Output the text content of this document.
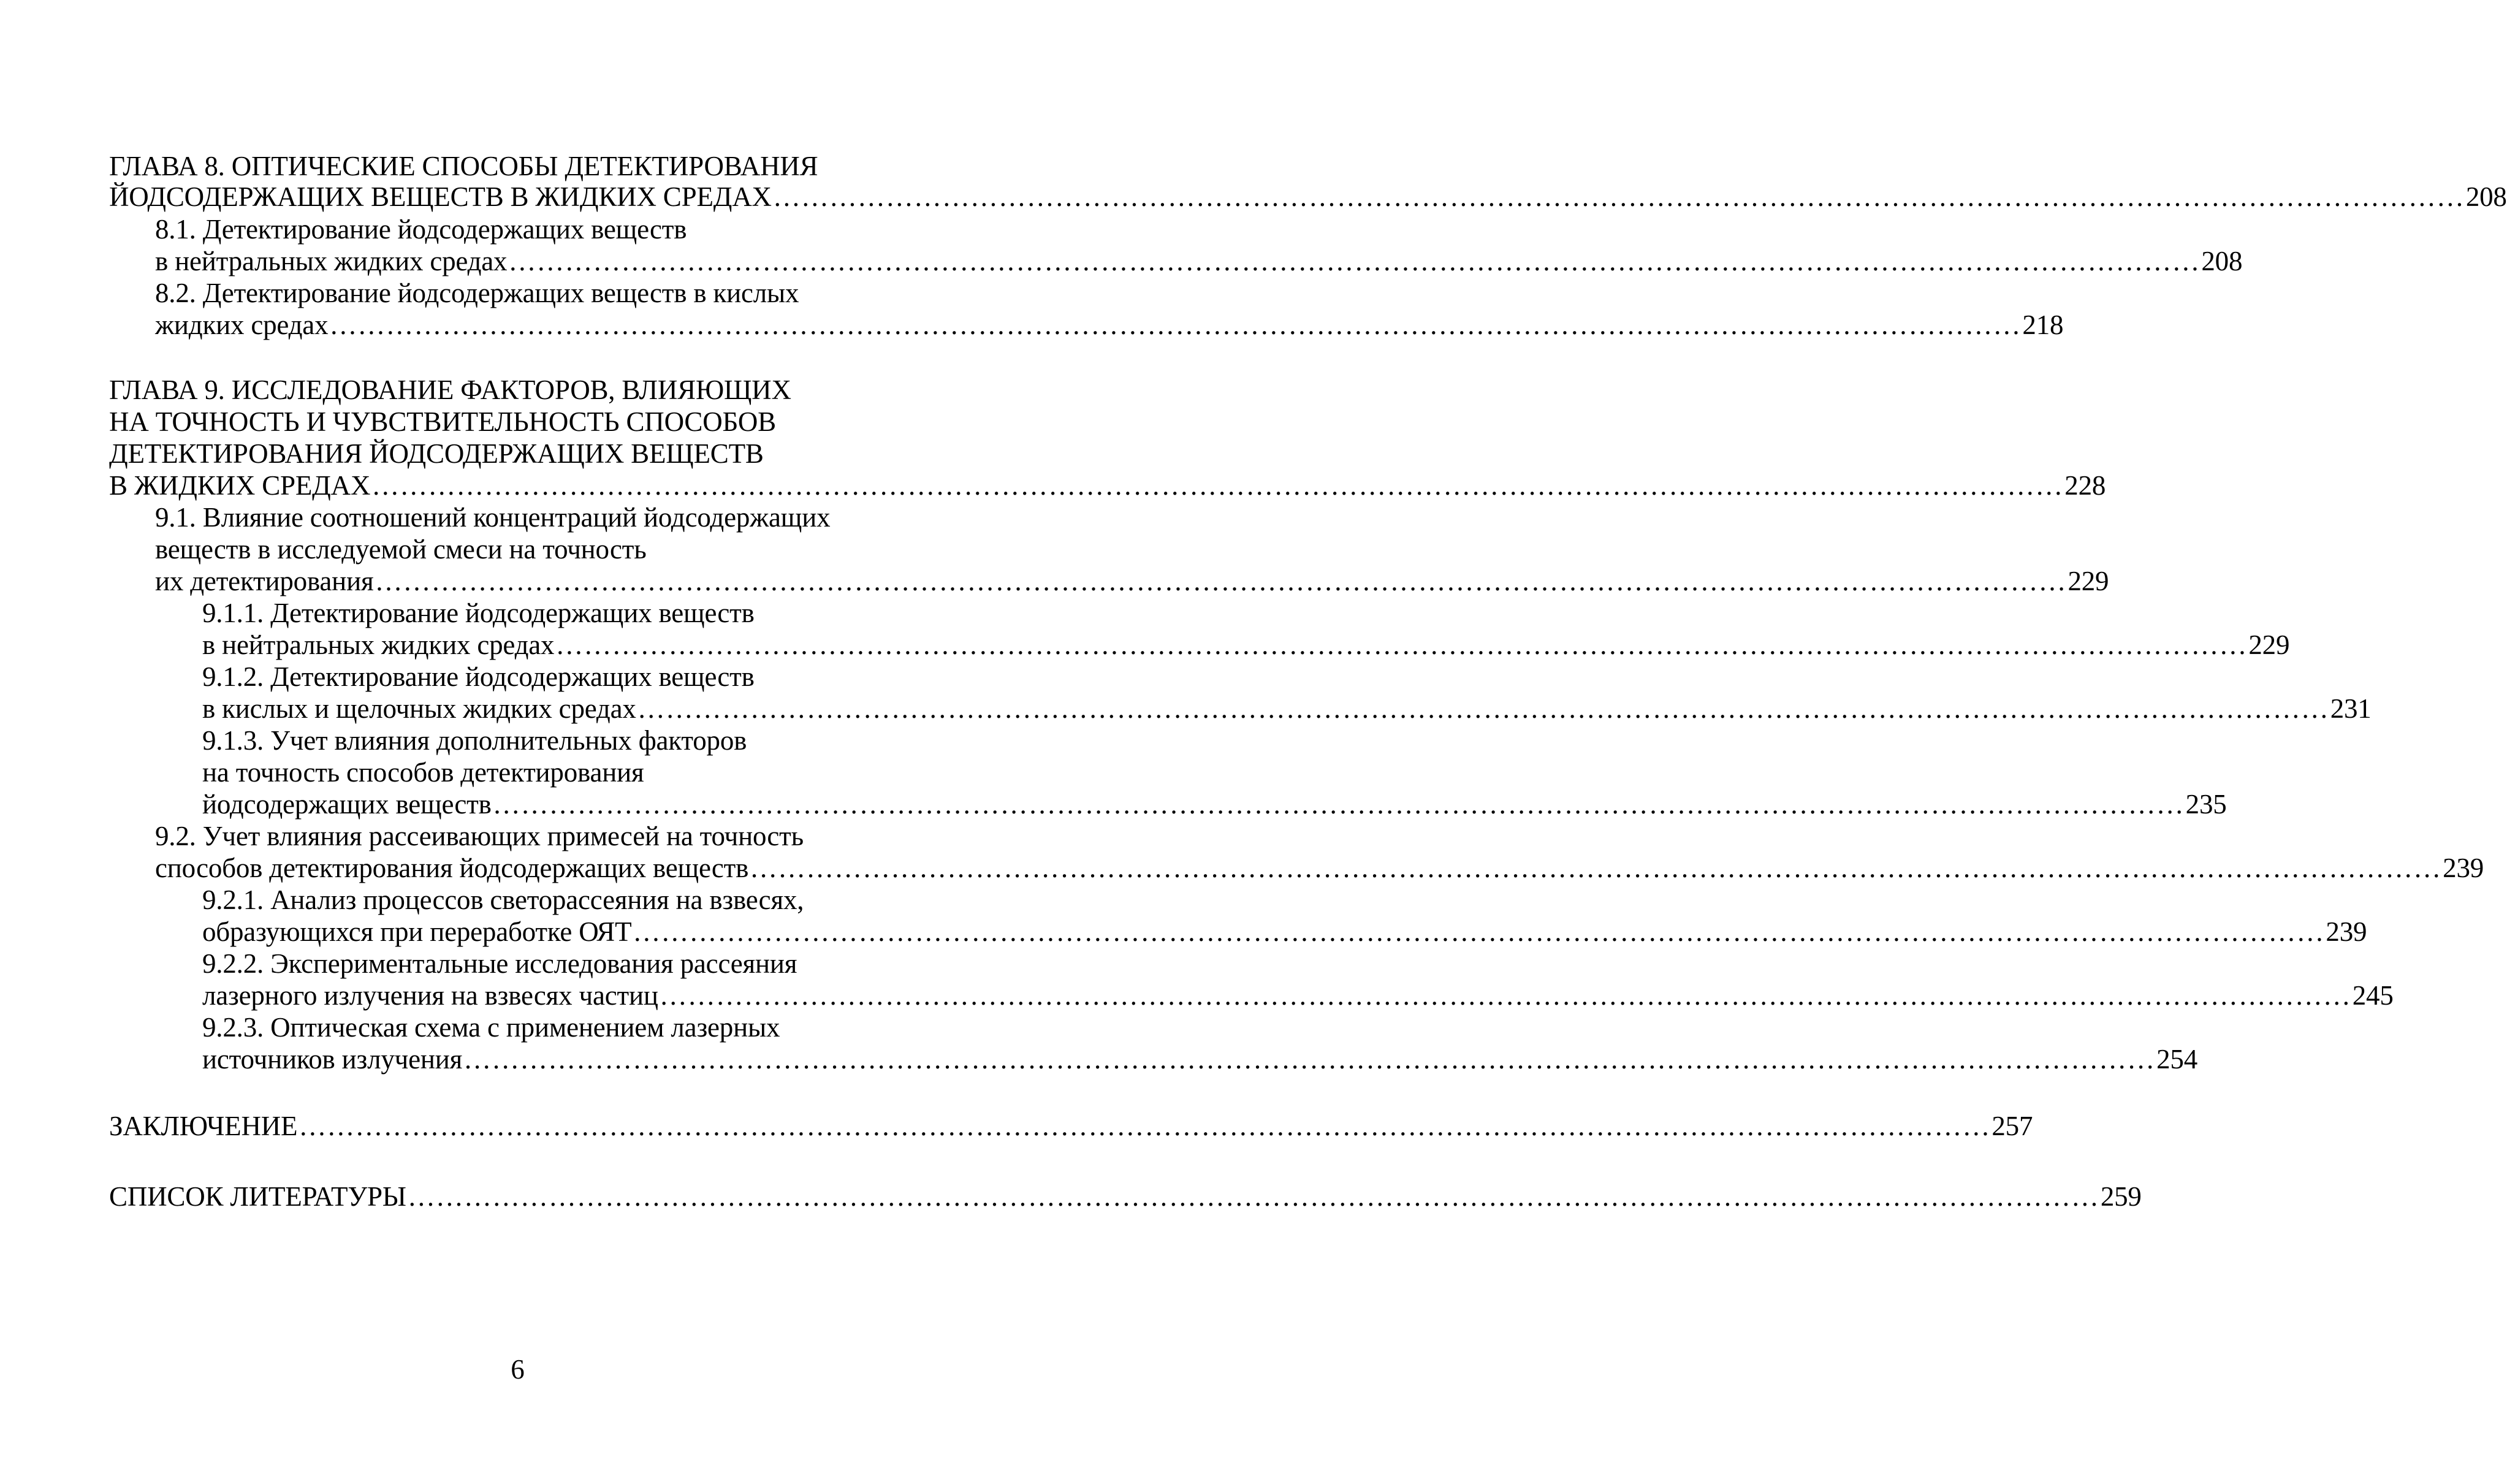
ГЛАВА 8. ОПТИЧЕСКИЕ СПОСОБЫ ДЕТЕКТИРОВАНИЯ
ЙОДСОДЕРЖАЩИХ ВЕЩЕСТВ В ЖИДКИХ СРЕДАХ ……………………………………………………………………………………………………………………………………………………………… 208
8.1. Детектирование йодсодержащих веществ
в нейтральных жидких средах ……………………………………………………………………………………………………………………………………………………………… 208
8.2. Детектирование йодсодержащих веществ в кислых
жидких средах ……………………………………………………………………………………………………………………………………………………………… 218
ГЛАВА 9. ИССЛЕДОВАНИЕ ФАКТОРОВ, ВЛИЯЮЩИХ
НА ТОЧНОСТЬ И ЧУВСТВИТЕЛЬНОСТЬ СПОСОБОВ
ДЕТЕКТИРОВАНИЯ ЙОДСОДЕРЖАЩИХ ВЕЩЕСТВ
В ЖИДКИХ СРЕДАХ ……………………………………………………………………………………………………………………………………………………………… 228
9.1. Влияние соотношений концентраций йодсодержащих
веществ в исследуемой смеси на точность
их детектирования ……………………………………………………………………………………………………………………………………………………………… 229
9.1.1. Детектирование йодсодержащих веществ
в нейтральных жидких средах ……………………………………………………………………………………………………………………………………………………………… 229
9.1.2. Детектирование йодсодержащих веществ
в кислых и щелочных жидких средах ……………………………………………………………………………………………………………………………………………………………… 231
9.1.3. Учет влияния дополнительных факторов
на точность способов детектирования
йодсодержащих веществ ……………………………………………………………………………………………………………………………………………………………… 235
9.2. Учет влияния рассеивающих примесей на точность
способов детектирования йодсодержащих веществ ……………………………………………………………………………………………………………………………………………………………… 239
9.2.1. Анализ процессов светорассеяния на взвесях,
образующихся при переработке ОЯТ ……………………………………………………………………………………………………………………………………………………………… 239
9.2.2. Экспериментальные исследования рассеяния
лазерного излучения на взвесях частиц ……………………………………………………………………………………………………………………………………………………………… 245
9.2.3. Оптическая схема с применением лазерных
источников излучения ……………………………………………………………………………………………………………………………………………………………… 254
ЗАКЛЮЧЕНИЕ ……………………………………………………………………………………………………………………………………………………………… 257
СПИСОК ЛИТЕРАТУРЫ ……………………………………………………………………………………………………………………………………………………………… 259
6
